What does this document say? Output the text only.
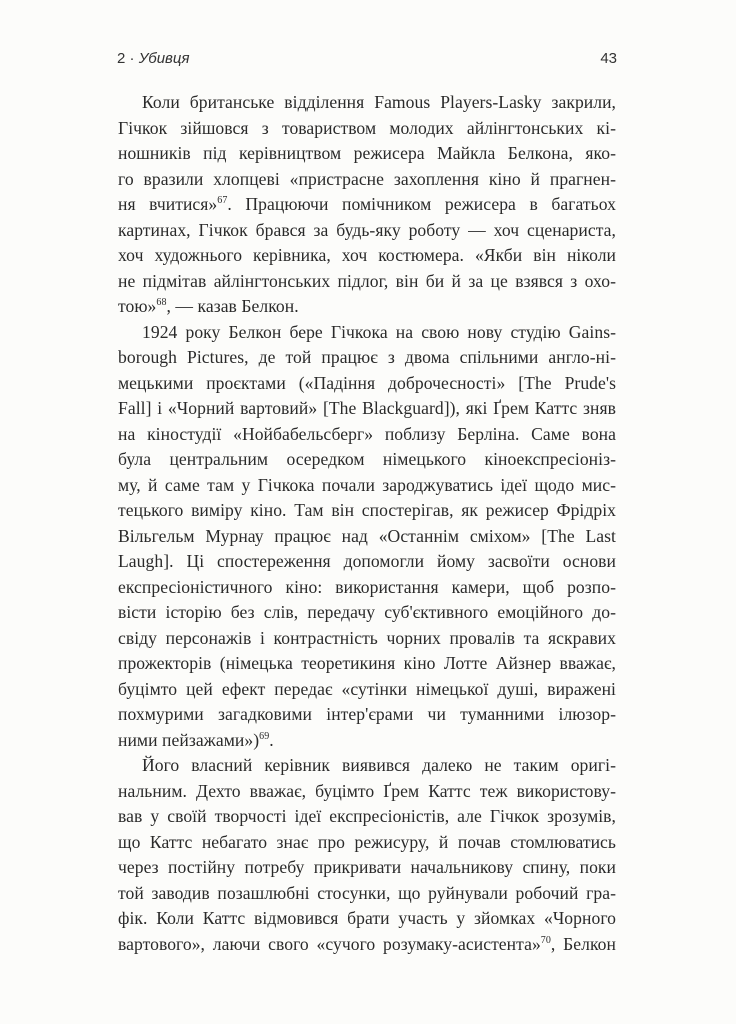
2 · Убивця	43
Коли британське відділення Famous Players-Lasky закрили,
Гічкок зійшовся з товариством молодих айлінгтонських кі-
ношників під керівництвом режисера Майкла Белкона, яко-
го вразили хлопцеві «пристрасне захоплення кіно й прагнен-
ня вчитися»$^{67}$. Працюючи помічником режисера в багатьох
картинах, Гічкок брався за будь-яку роботу — хоч сценариста,
хоч художнього керівника, хоч костюмера. «Якби він ніколи
не підмітав айлінгтонських підлог, він би й за це взявся з охо-
тою»$^{68}$, — казав Белкон.
1924 року Белкон бере Гічкока на свою нову студію Gains-
borough Pictures, де той працює з двома спільними англо-ні-
мецькими проєктами («Падіння доброчесності» [The Prude's
Fall] і «Чорний вартовий» [The Blackguard]), які Ґрем Каттс зняв
на кіностудії «Нойбабельсберг» поблизу Берліна. Саме вона
була центральним осередком німецького кіноекспресіоніз-
му, й саме там у Гічкока почали зароджуватись ідеї щодо мис-
тецького виміру кіно. Там він спостерігав, як режисер Фрідріх
Вільгельм Мурнау працює над «Останнім сміхом» [The Last
Laugh]. Ці спостереження допомогли йому засвоїти основи
експресіоністичного кіно: використання камери, щоб розпо-
вісти історію без слів, передачу суб'єктивного емоційного до-
свіду персонажів і контрастність чорних провалів та яскравих
прожекторів (німецька теоретикиня кіно Лотте Айзнер вважає,
буцімто цей ефект передає «сутінки німецької душі, виражені
похмурими загадковими інтер'єрами чи туманними ілюзор-
ними пейзажами»)$^{69}$.
Його власний керівник виявився далеко не таким оригі-
нальним. Дехто вважає, буцімто Ґрем Каттс теж використову-
вав у своїй творчості ідеї експресіоністів, але Гічкок зрозумів,
що Каттс небагато знає про режисуру, й почав стомлюватись
через постійну потребу прикривати начальникову спину, поки
той заводив позашлюбні стосунки, що руйнували робочий гра-
фік. Коли Каттс відмовився брати участь у зйомках «Чорного
вартового», лаючи свого «сучого розумаку-асистента»$^{70}$, Белкон
